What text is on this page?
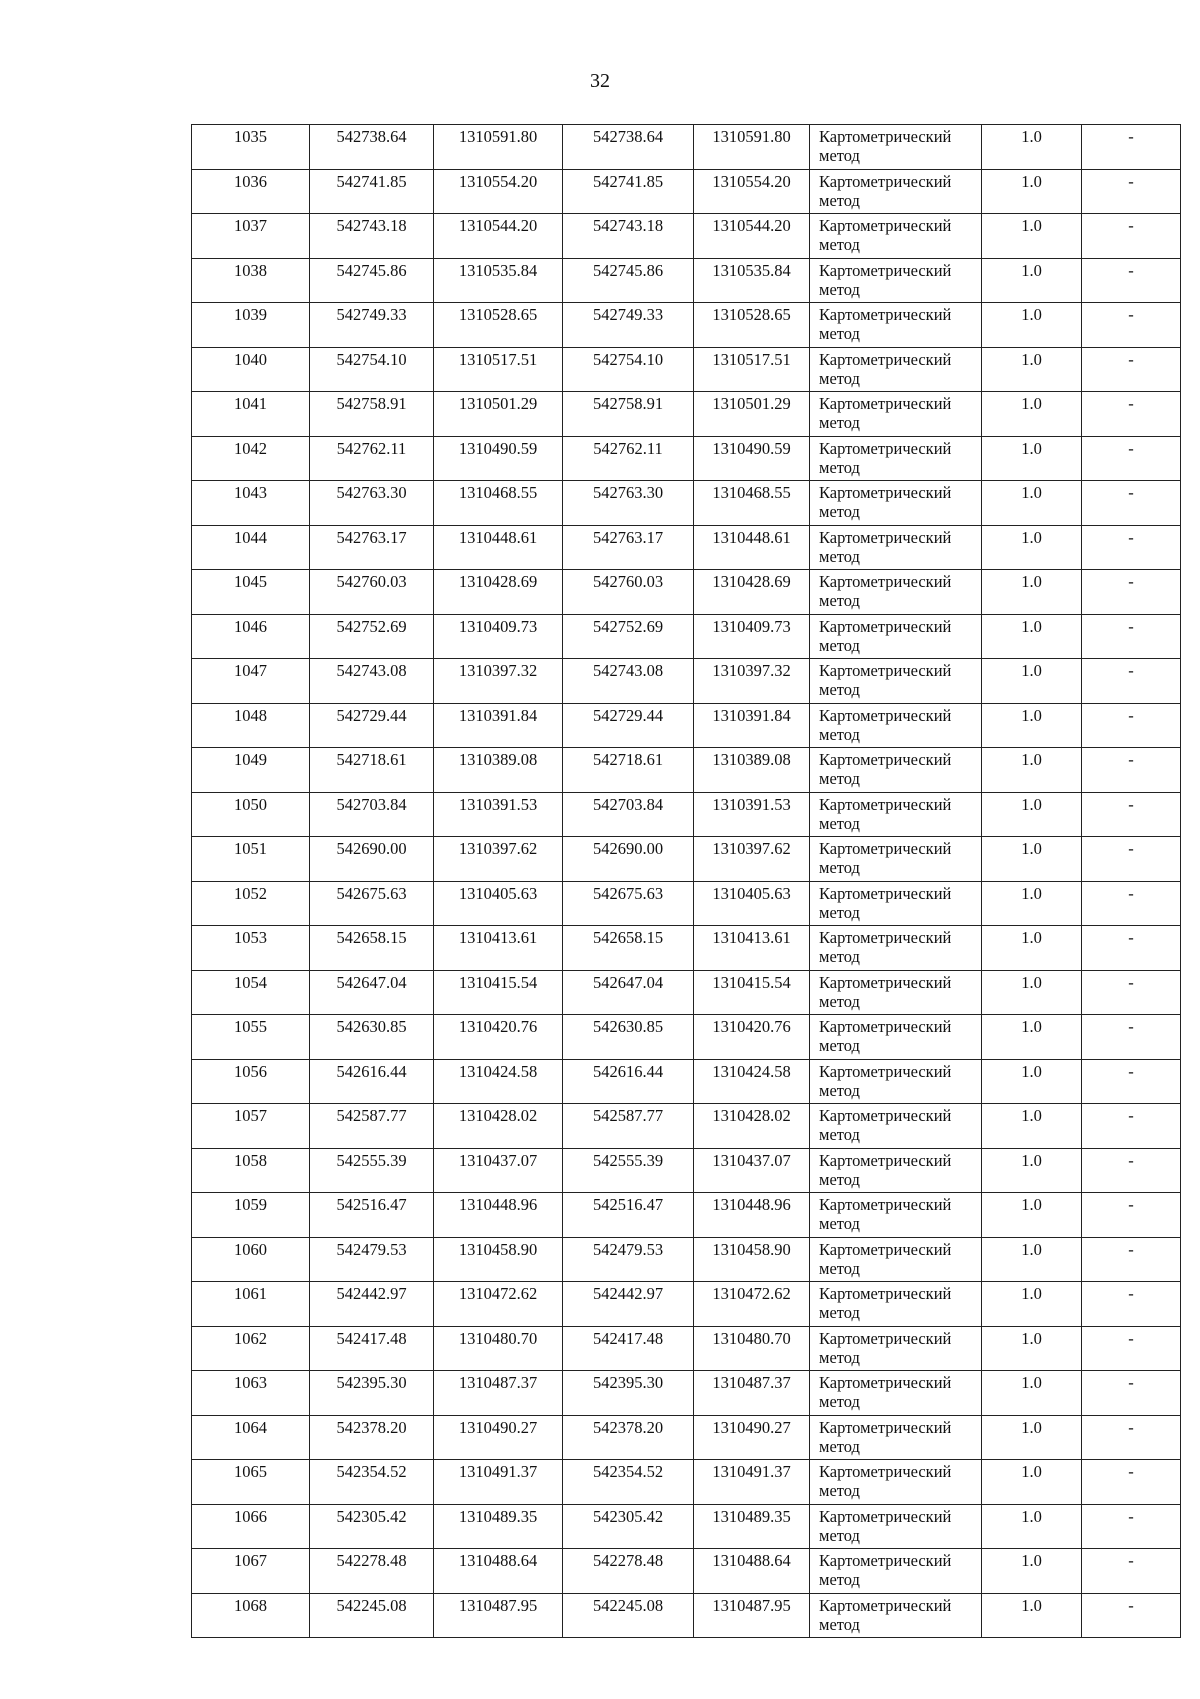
32
1035	542738.64	1310591.80	542738.64	1310591.80	Картометрический метод	1.0	-
1036	542741.85	1310554.20	542741.85	1310554.20	Картометрический метод	1.0	-
1037	542743.18	1310544.20	542743.18	1310544.20	Картометрический метод	1.0	-
1038	542745.86	1310535.84	542745.86	1310535.84	Картометрический метод	1.0	-
1039	542749.33	1310528.65	542749.33	1310528.65	Картометрический метод	1.0	-
1040	542754.10	1310517.51	542754.10	1310517.51	Картометрический метод	1.0	-
1041	542758.91	1310501.29	542758.91	1310501.29	Картометрический метод	1.0	-
1042	542762.11	1310490.59	542762.11	1310490.59	Картометрический метод	1.0	-
1043	542763.30	1310468.55	542763.30	1310468.55	Картометрический метод	1.0	-
1044	542763.17	1310448.61	542763.17	1310448.61	Картометрический метод	1.0	-
1045	542760.03	1310428.69	542760.03	1310428.69	Картометрический метод	1.0	-
1046	542752.69	1310409.73	542752.69	1310409.73	Картометрический метод	1.0	-
1047	542743.08	1310397.32	542743.08	1310397.32	Картометрический метод	1.0	-
1048	542729.44	1310391.84	542729.44	1310391.84	Картометрический метод	1.0	-
1049	542718.61	1310389.08	542718.61	1310389.08	Картометрический метод	1.0	-
1050	542703.84	1310391.53	542703.84	1310391.53	Картометрический метод	1.0	-
1051	542690.00	1310397.62	542690.00	1310397.62	Картометрический метод	1.0	-
1052	542675.63	1310405.63	542675.63	1310405.63	Картометрический метод	1.0	-
1053	542658.15	1310413.61	542658.15	1310413.61	Картометрический метод	1.0	-
1054	542647.04	1310415.54	542647.04	1310415.54	Картометрический метод	1.0	-
1055	542630.85	1310420.76	542630.85	1310420.76	Картометрический метод	1.0	-
1056	542616.44	1310424.58	542616.44	1310424.58	Картометрический метод	1.0	-
1057	542587.77	1310428.02	542587.77	1310428.02	Картометрический метод	1.0	-
1058	542555.39	1310437.07	542555.39	1310437.07	Картометрический метод	1.0	-
1059	542516.47	1310448.96	542516.47	1310448.96	Картометрический метод	1.0	-
1060	542479.53	1310458.90	542479.53	1310458.90	Картометрический метод	1.0	-
1061	542442.97	1310472.62	542442.97	1310472.62	Картометрический метод	1.0	-
1062	542417.48	1310480.70	542417.48	1310480.70	Картометрический метод	1.0	-
1063	542395.30	1310487.37	542395.30	1310487.37	Картометрический метод	1.0	-
1064	542378.20	1310490.27	542378.20	1310490.27	Картометрический метод	1.0	-
1065	542354.52	1310491.37	542354.52	1310491.37	Картометрический метод	1.0	-
1066	542305.42	1310489.35	542305.42	1310489.35	Картометрический метод	1.0	-
1067	542278.48	1310488.64	542278.48	1310488.64	Картометрический метод	1.0	-
1068	542245.08	1310487.95	542245.08	1310487.95	Картометрический метод	1.0	-
